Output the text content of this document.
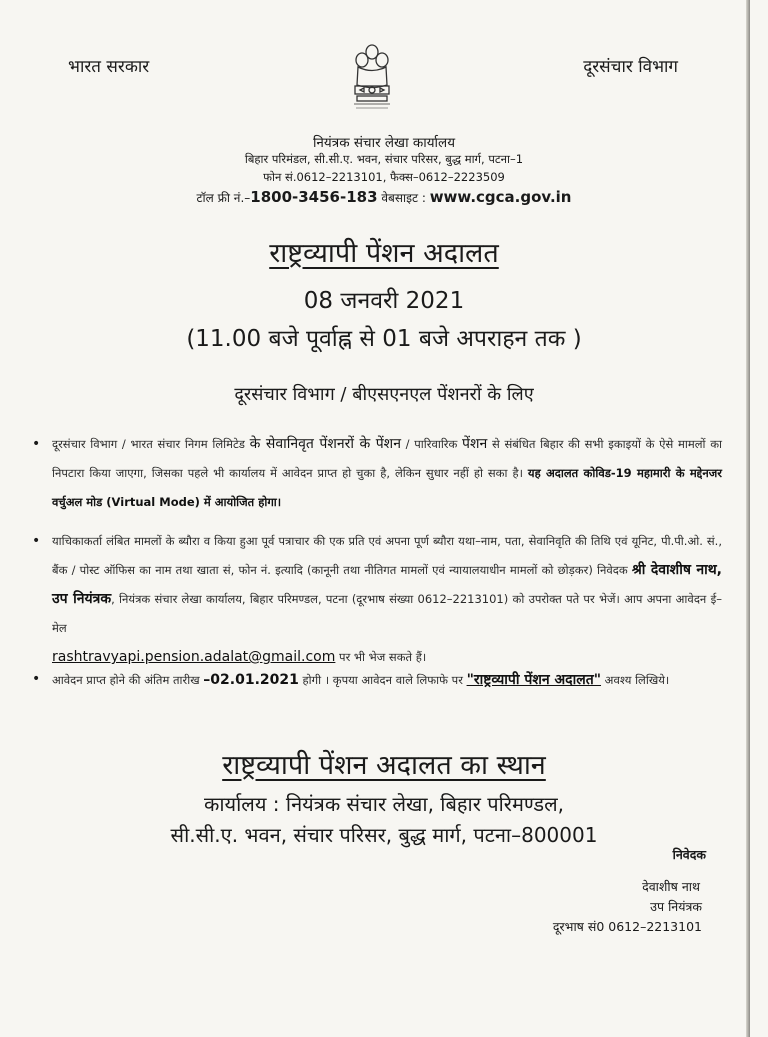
भारत सरकार	दूरसंचार विभाग
नियंत्रक संचार लेखा कार्यालय
बिहार परिमंडल, सी.सी.ए. भवन, संचार परिसर, बुद्ध मार्ग, पटना–1
फोन सं.0612–2213101, फैक्स–0612–2223509
टॉल फ्री नं.–1800-3456-183 वेबसाइट : www.cgca.gov.in
राष्ट्रव्यापी पेंशन अदालत
08 जनवरी 2021
(11.00 बजे पूर्वाह्न से 01 बजे अपराहन तक )
दूरसंचार विभाग / बीएसएनएल पेंशनरों के लिए
• दूरसंचार विभाग / भारत संचार निगम लिमिटेड के सेवानिवृत पेंशनरों के पेंशन / पारिवारिक पेंशन से संबंधित बिहार की सभी इकाइयों के ऐसे मामलों का निपटारा किया जाएगा, जिसका पहले भी कार्यालय में आवेदन प्राप्त हो चुका है, लेकिन सुधार नहीं हो सका है। यह अदालत कोविड-19 महामारी के मद्देनजर वर्चुअल मोड (Virtual Mode) में आयोजित होगा।
• याचिकाकर्ता लंबित मामलों के ब्यौरा व किया हुआ पूर्व पत्राचार की एक प्रति एवं अपना पूर्ण ब्यौरा यथा–नाम, पता, सेवानिवृति की तिथि एवं यूनिट, पी.पी.ओ. सं., बैंक / पोस्ट ऑफिस का नाम तथा खाता सं, फोन नं. इत्यादि (कानूनी तथा नीतिगत मामलों एवं न्यायालयाधीन मामलों को छोड़कर) निवेदक श्री देवाशीष नाथ, उप नियंत्रक, नियंत्रक संचार लेखा कार्यालय, बिहार परिमण्डल, पटना (दूरभाष संख्या 0612–2213101) को उपरोक्त पते पर भेजें। आप अपना आवेदन ई–मेल
rashtravyapi.pension.adalat@gmail.com पर भी भेज सकते हैं।
• आवेदन प्राप्त होने की अंतिम तारीख –02.01.2021 होगी । कृपया आवेदन वाले लिफाफे पर "राष्ट्रव्यापी पेंशन अदालत" अवश्य लिखिये।
राष्ट्रव्यापी पेंशन अदालत का स्थान
कार्यालय : नियंत्रक संचार लेखा, बिहार परिमण्डल,
सी.सी.ए. भवन, संचार परिसर, बुद्ध मार्ग, पटना–800001
निवेदक
देवाशीष नाथ
उप नियंत्रक
दूरभाष सं0 0612–2213101
